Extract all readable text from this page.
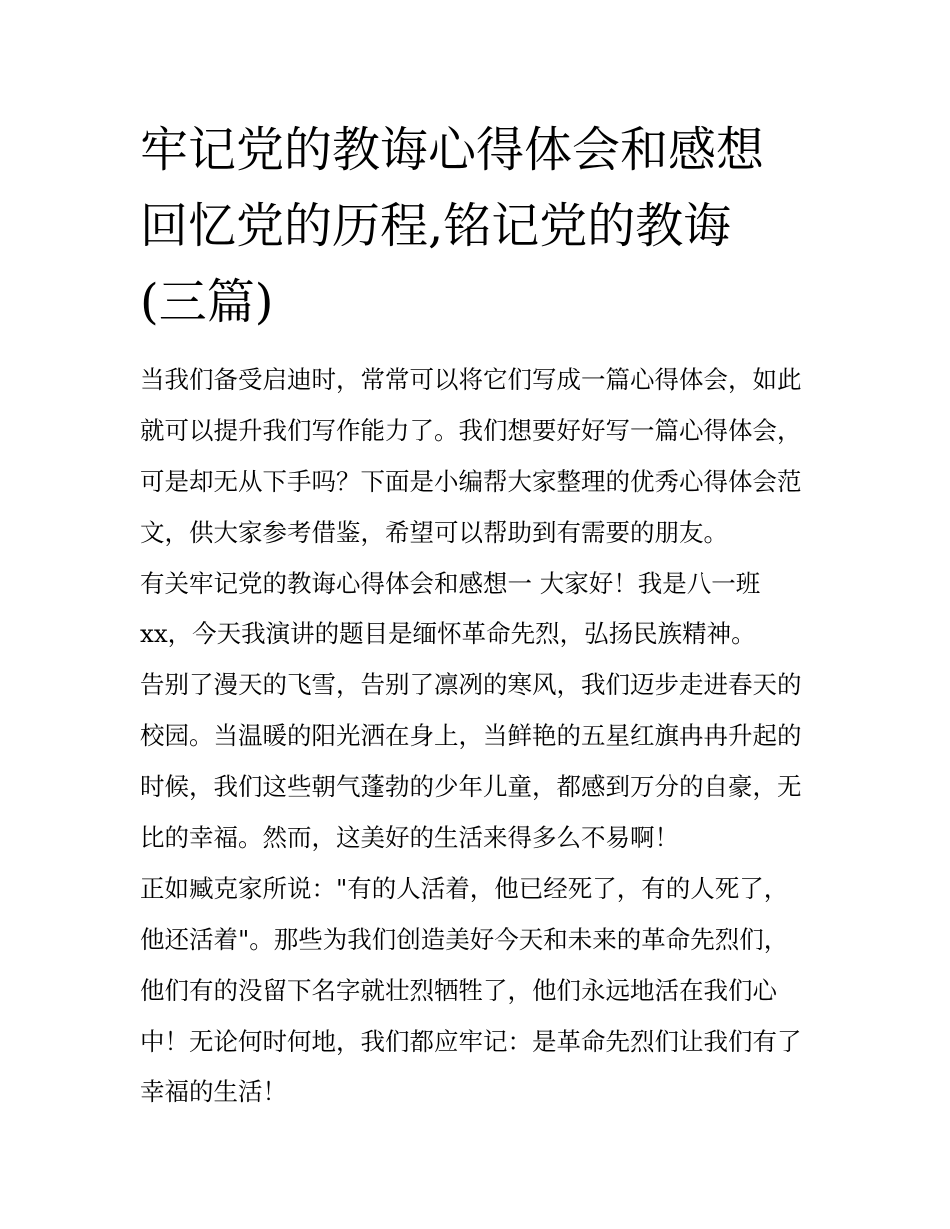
牢记党的教诲心得体会和感想
回忆党的历程,铭记党的教诲
(三篇)
当我们备受启迪时，常常可以将它们写成一篇心得体会，如此
就可以提升我们写作能力了。我们想要好好写一篇心得体会，
可是却无从下手吗？下面是小编帮大家整理的优秀心得体会范
文，供大家参考借鉴，希望可以帮助到有需要的朋友。
有关牢记党的教诲心得体会和感想一 大家好！我是八一班
xx，今天我演讲的题目是缅怀革命先烈，弘扬民族精神。
告别了漫天的飞雪，告别了凛冽的寒风，我们迈步走进春天的
校园。当温暖的阳光洒在身上，当鲜艳的五星红旗冉冉升起的
时候，我们这些朝气蓬勃的少年儿童，都感到万分的自豪，无
比的幸福。然而，这美好的生活来得多么不易啊！
正如臧克家所说："有的人活着，他已经死了，有的人死了，
他还活着"。那些为我们创造美好今天和未来的革命先烈们，
他们有的没留下名字就壮烈牺牲了，他们永远地活在我们心
中！无论何时何地，我们都应牢记：是革命先烈们让我们有了
幸福的生活！
